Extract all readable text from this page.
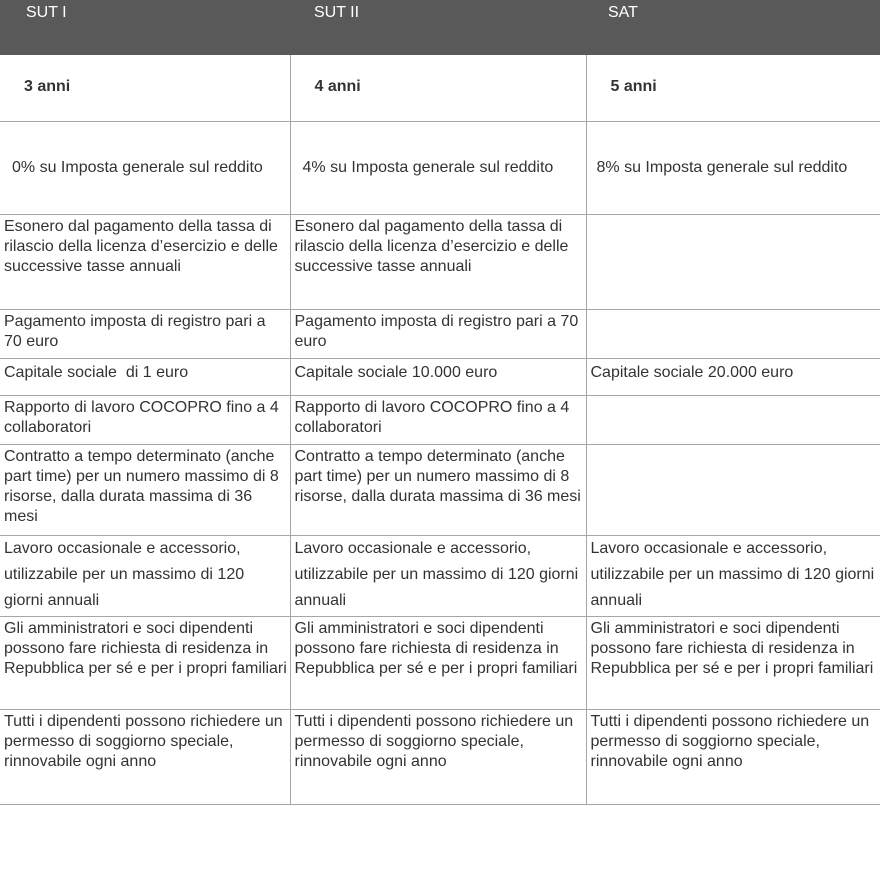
SUT I	SUT II	SAT

3 anni	4 anni	5 anni

0% su Imposta generale sul reddito	4% su Imposta generale sul reddito	8% su Imposta generale sul reddito

Esonero dal pagamento della tassa di rilascio della licenza d’esercizio e delle successive tasse annuali	Esonero dal pagamento della tassa di rilascio della licenza d’esercizio e delle successive tasse annuali	
Pagamento imposta di registro pari a 70 euro	Pagamento imposta di registro pari a 70 euro	
Capitale sociale  di 1 euro	Capitale sociale 10.000 euro	Capitale sociale 20.000 euro
Rapporto di lavoro COCOPRO fino a 4 collaboratori	Rapporto di lavoro COCOPRO fino a 4 collaboratori	
Contratto a tempo determinato (anche part time) per un numero massimo di 8 risorse, dalla durata massima di 36 mesi	Contratto a tempo determinato (anche part time) per un numero massimo di 8 risorse, dalla durata massima di 36 mesi	
Lavoro occasionale e accessorio, utilizzabile per un massimo di 120 giorni annuali	Lavoro occasionale e accessorio, utilizzabile per un massimo di 120 giorni annuali	Lavoro occasionale e accessorio, utilizzabile per un massimo di 120 giorni annuali
Gli amministratori e soci dipendenti possono fare richiesta di residenza in Repubblica per sé e per i propri familiari	Gli amministratori e soci dipendenti possono fare richiesta di residenza in Repubblica per sé e per i propri familiari	Gli amministratori e soci dipendenti possono fare richiesta di residenza in Repubblica per sé e per i propri familiari
Tutti i dipendenti possono richiedere un permesso di soggiorno speciale, rinnovabile ogni anno	Tutti i dipendenti possono richiedere un permesso di soggiorno speciale, rinnovabile ogni anno	Tutti i dipendenti possono richiedere un permesso di soggiorno speciale, rinnovabile ogni anno
